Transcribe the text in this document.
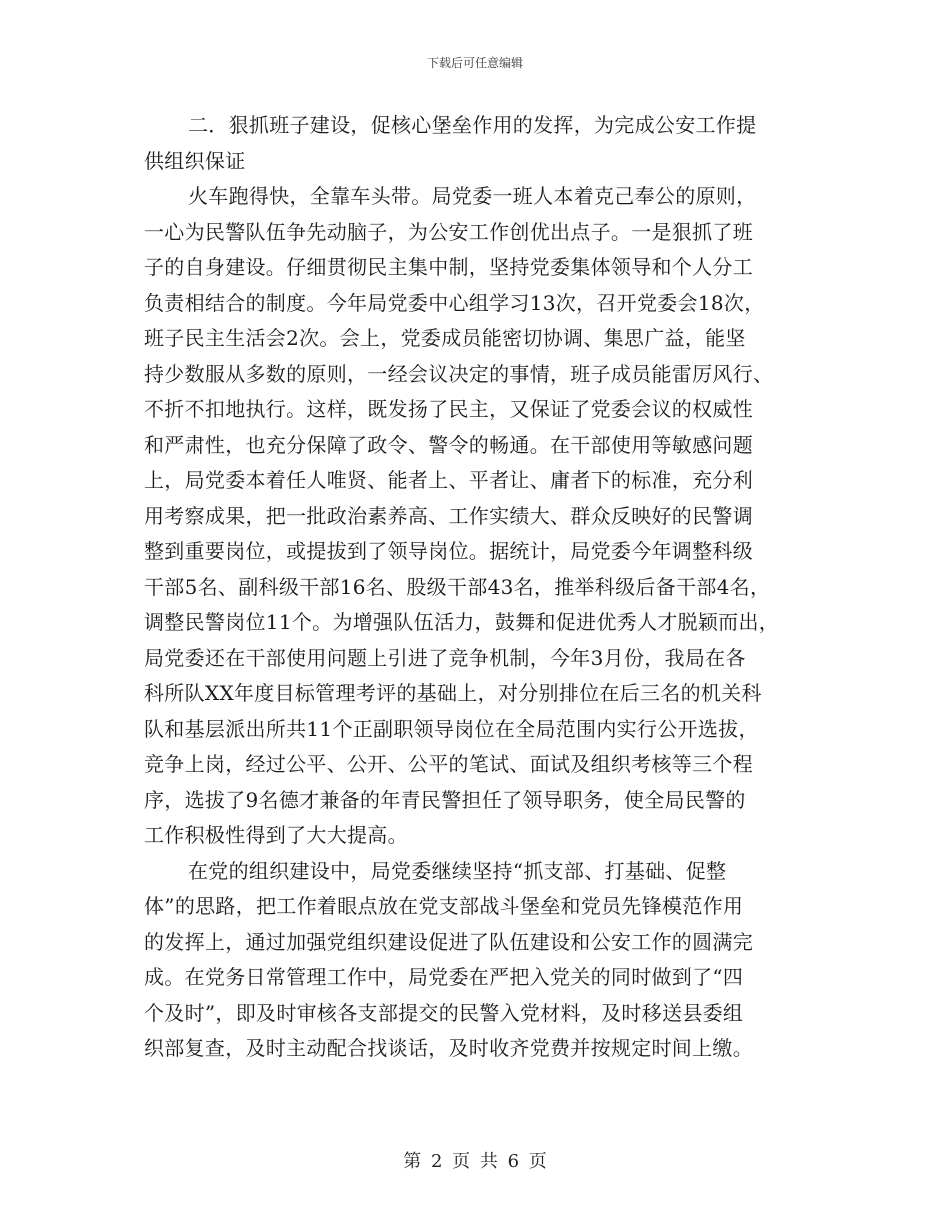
下载后可任意编辑
二．狠抓班子建设，促核心堡垒作用的发挥，为完成公安工作提
供组织保证
火车跑得快，全靠车头带。局党委一班人本着克己奉公的原则，
一心为民警队伍争先动脑子，为公安工作创优出点子。一是狠抓了班
子的自身建设。仔细贯彻民主集中制，坚持党委集体领导和个人分工
负责相结合的制度。今年局党委中心组学习13次，召开党委会18次，
班子民主生活会2次。会上，党委成员能密切协调、集思广益，能坚
持少数服从多数的原则，一经会议决定的事情，班子成员能雷厉风行、
不折不扣地执行。这样，既发扬了民主，又保证了党委会议的权威性
和严肃性，也充分保障了政令、警令的畅通。在干部使用等敏感问题
上，局党委本着任人唯贤、能者上、平者让、庸者下的标准，充分利
用考察成果，把一批政治素养高、工作实绩大、群众反映好的民警调
整到重要岗位，或提拔到了领导岗位。据统计，局党委今年调整科级
干部5名、副科级干部16名、股级干部43名，推举科级后备干部4名，
调整民警岗位11个。为增强队伍活力，鼓舞和促进优秀人才脱颖而出，
局党委还在干部使用问题上引进了竞争机制，今年3月份，我局在各
科所队XX年度目标管理考评的基础上，对分别排位在后三名的机关科
队和基层派出所共11个正副职领导岗位在全局范围内实行公开选拔，
竞争上岗，经过公平、公开、公平的笔试、面试及组织考核等三个程
序，选拔了9名德才兼备的年青民警担任了领导职务，使全局民警的
工作积极性得到了大大提高。
在党的组织建设中，局党委继续坚持“抓支部、打基础、促整
体”的思路，把工作着眼点放在党支部战斗堡垒和党员先锋模范作用
的发挥上，通过加强党组织建设促进了队伍建设和公安工作的圆满完
成。在党务日常管理工作中，局党委在严把入党关的同时做到了“四
个及时”，即及时审核各支部提交的民警入党材料，及时移送县委组
织部复查，及时主动配合找谈话，及时收齐党费并按规定时间上缴。
第 2 页 共 6 页
